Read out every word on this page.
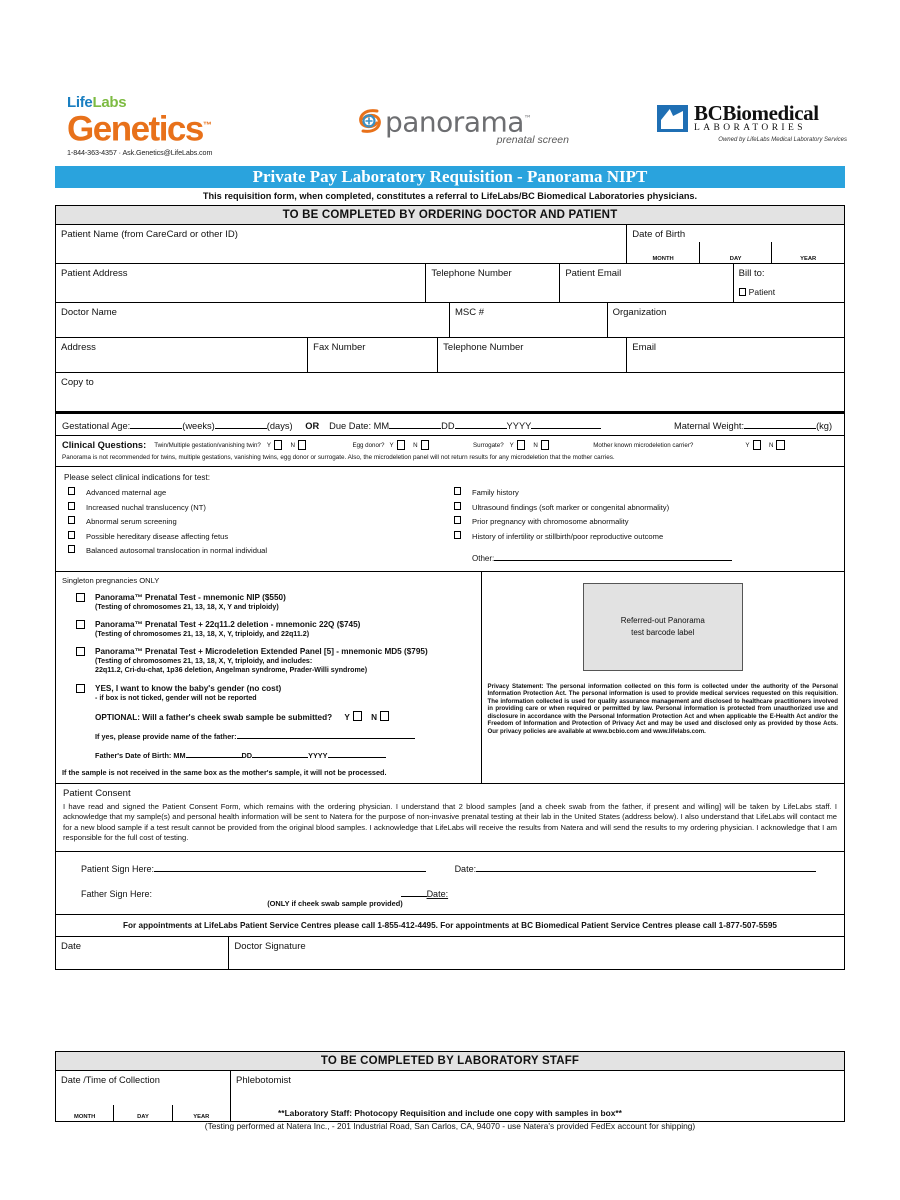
LifeLabs
Genetics™
1-844-363-4357 · Ask.Genetics@LifeLabs.com
panorama™
prenatal screen
BCBiomedical
LABORATORIES
Owned by LifeLabs Medical Laboratory Services
Private Pay Laboratory Requisition - Panorama NIPT
This requisition form, when completed, constitutes a referral to LifeLabs/BC Biomedical Laboratories physicians.
TO BE COMPLETED BY ORDERING DOCTOR AND PATIENT
Patient Name (from CareCard or other ID)	Date of Birth
MONTH	DAY	YEAR
Patient Address	Telephone Number	Patient Email	Bill to:
Patient
Doctor Name	MSC #	Organization
Address	Fax Number	Telephone Number	Email
Copy to
Gestational Age:	(weeks)	(days) OR Due Date: MM	DD	YYYY	Maternal Weight:	(kg)
Clinical Questions: Twin/Multiple gestation/vanishing twin? Y	N	Egg donor? Y	N	Surrogate? Y	N	Mother known microdeletion carrier?	Y	N
Panorama is not recommended for twins, multiple gestations, vanishing twins, egg donor or surrogate. Also, the microdeletion panel will not return results for any microdeletion that the mother carries.
Please select clinical indications for test:
Advanced maternal age
Increased nuchal translucency (NT)
Abnormal serum screening
Possible hereditary disease affecting fetus
Balanced autosomal translocation in normal individual
Family history
Ultrasound findings (soft marker or congenital abnormality)
Prior pregnancy with chromosome abnormality
History of infertility or stillbirth/poor reproductive outcome
Other:
Singleton pregnancies ONLY
Panorama™ Prenatal Test - mnemonic NIP ($550)
(Testing of chromosomes 21, 13, 18, X, Y and triploidy)
Panorama™ Prenatal Test + 22q11.2 deletion - mnemonic 22Q ($745)
(Testing of chromosomes 21, 13, 18, X, Y, triploidy, and 22q11.2)
Panorama™ Prenatal Test + Microdeletion Extended Panel [5] - mnemonic MD5 ($795)
(Testing of chromosomes 21, 13, 18, X, Y, triploidy, and includes:
22q11.2, Cri-du-chat, 1p36 deletion, Angelman syndrome, Prader-Willi syndrome)
YES, I want to know the baby's gender (no cost)
- if box is not ticked, gender will not be reported
OPTIONAL: Will a father's cheek swab sample be submitted? Y	N
If yes, please provide name of the father:
Father's Date of Birth: MM	DD	YYYY
If the sample is not received in the same box as the mother's sample, it will not be processed.
Referred-out Panorama
test barcode label
Privacy Statement: The personal information collected on this form is collected under the authority of the Personal Information Protection Act. The personal information is used to provide medical services requested on this requisition. The information collected is used for quality assurance management and disclosed to healthcare practitioners involved in providing care or when required or permitted by law. Personal information is protected from unauthorized use and disclosure in accordance with the Personal Information Protection Act and when applicable the E-Health Act and/or the Freedom of Information and Protection of Privacy Act and may be used and disclosed only as provided by those Acts. Our privacy policies are available at www.bcbio.com and www.lifelabs.com.
Patient Consent
I have read and signed the Patient Consent Form, which remains with the ordering physician. I understand that 2 blood samples [and a cheek swab from the father, if present and willing] will be taken by LifeLabs staff. I acknowledge that my sample(s) and personal health information will be sent to Natera for the purpose of non-invasive prenatal testing at their lab in the United States (address below). I also understand that LifeLabs will contact me for a new blood sample if a test result cannot be provided from the original blood samples. I acknowledge that LifeLabs will receive the results from Natera and will send the results to my ordering physician. I acknowledge that I am responsible for the full cost of testing.
Patient Sign Here:	Date:
Father Sign Here:	Date:
(ONLY if cheek swab sample provided)
For appointments at LifeLabs Patient Service Centres please call 1-855-412-4495. For appointments at BC Biomedical Patient Service Centres please call 1-877-507-5595
Date	Doctor Signature
TO BE COMPLETED BY LABORATORY STAFF
Date /Time of Collection
MONTH	DAY	YEAR
Phlebotomist
**Laboratory Staff: Photocopy Requisition and include one copy with samples in box**
(Testing performed at Natera Inc., - 201 Industrial Road, San Carlos, CA, 94070 - use Natera's provided FedEx account for shipping)
